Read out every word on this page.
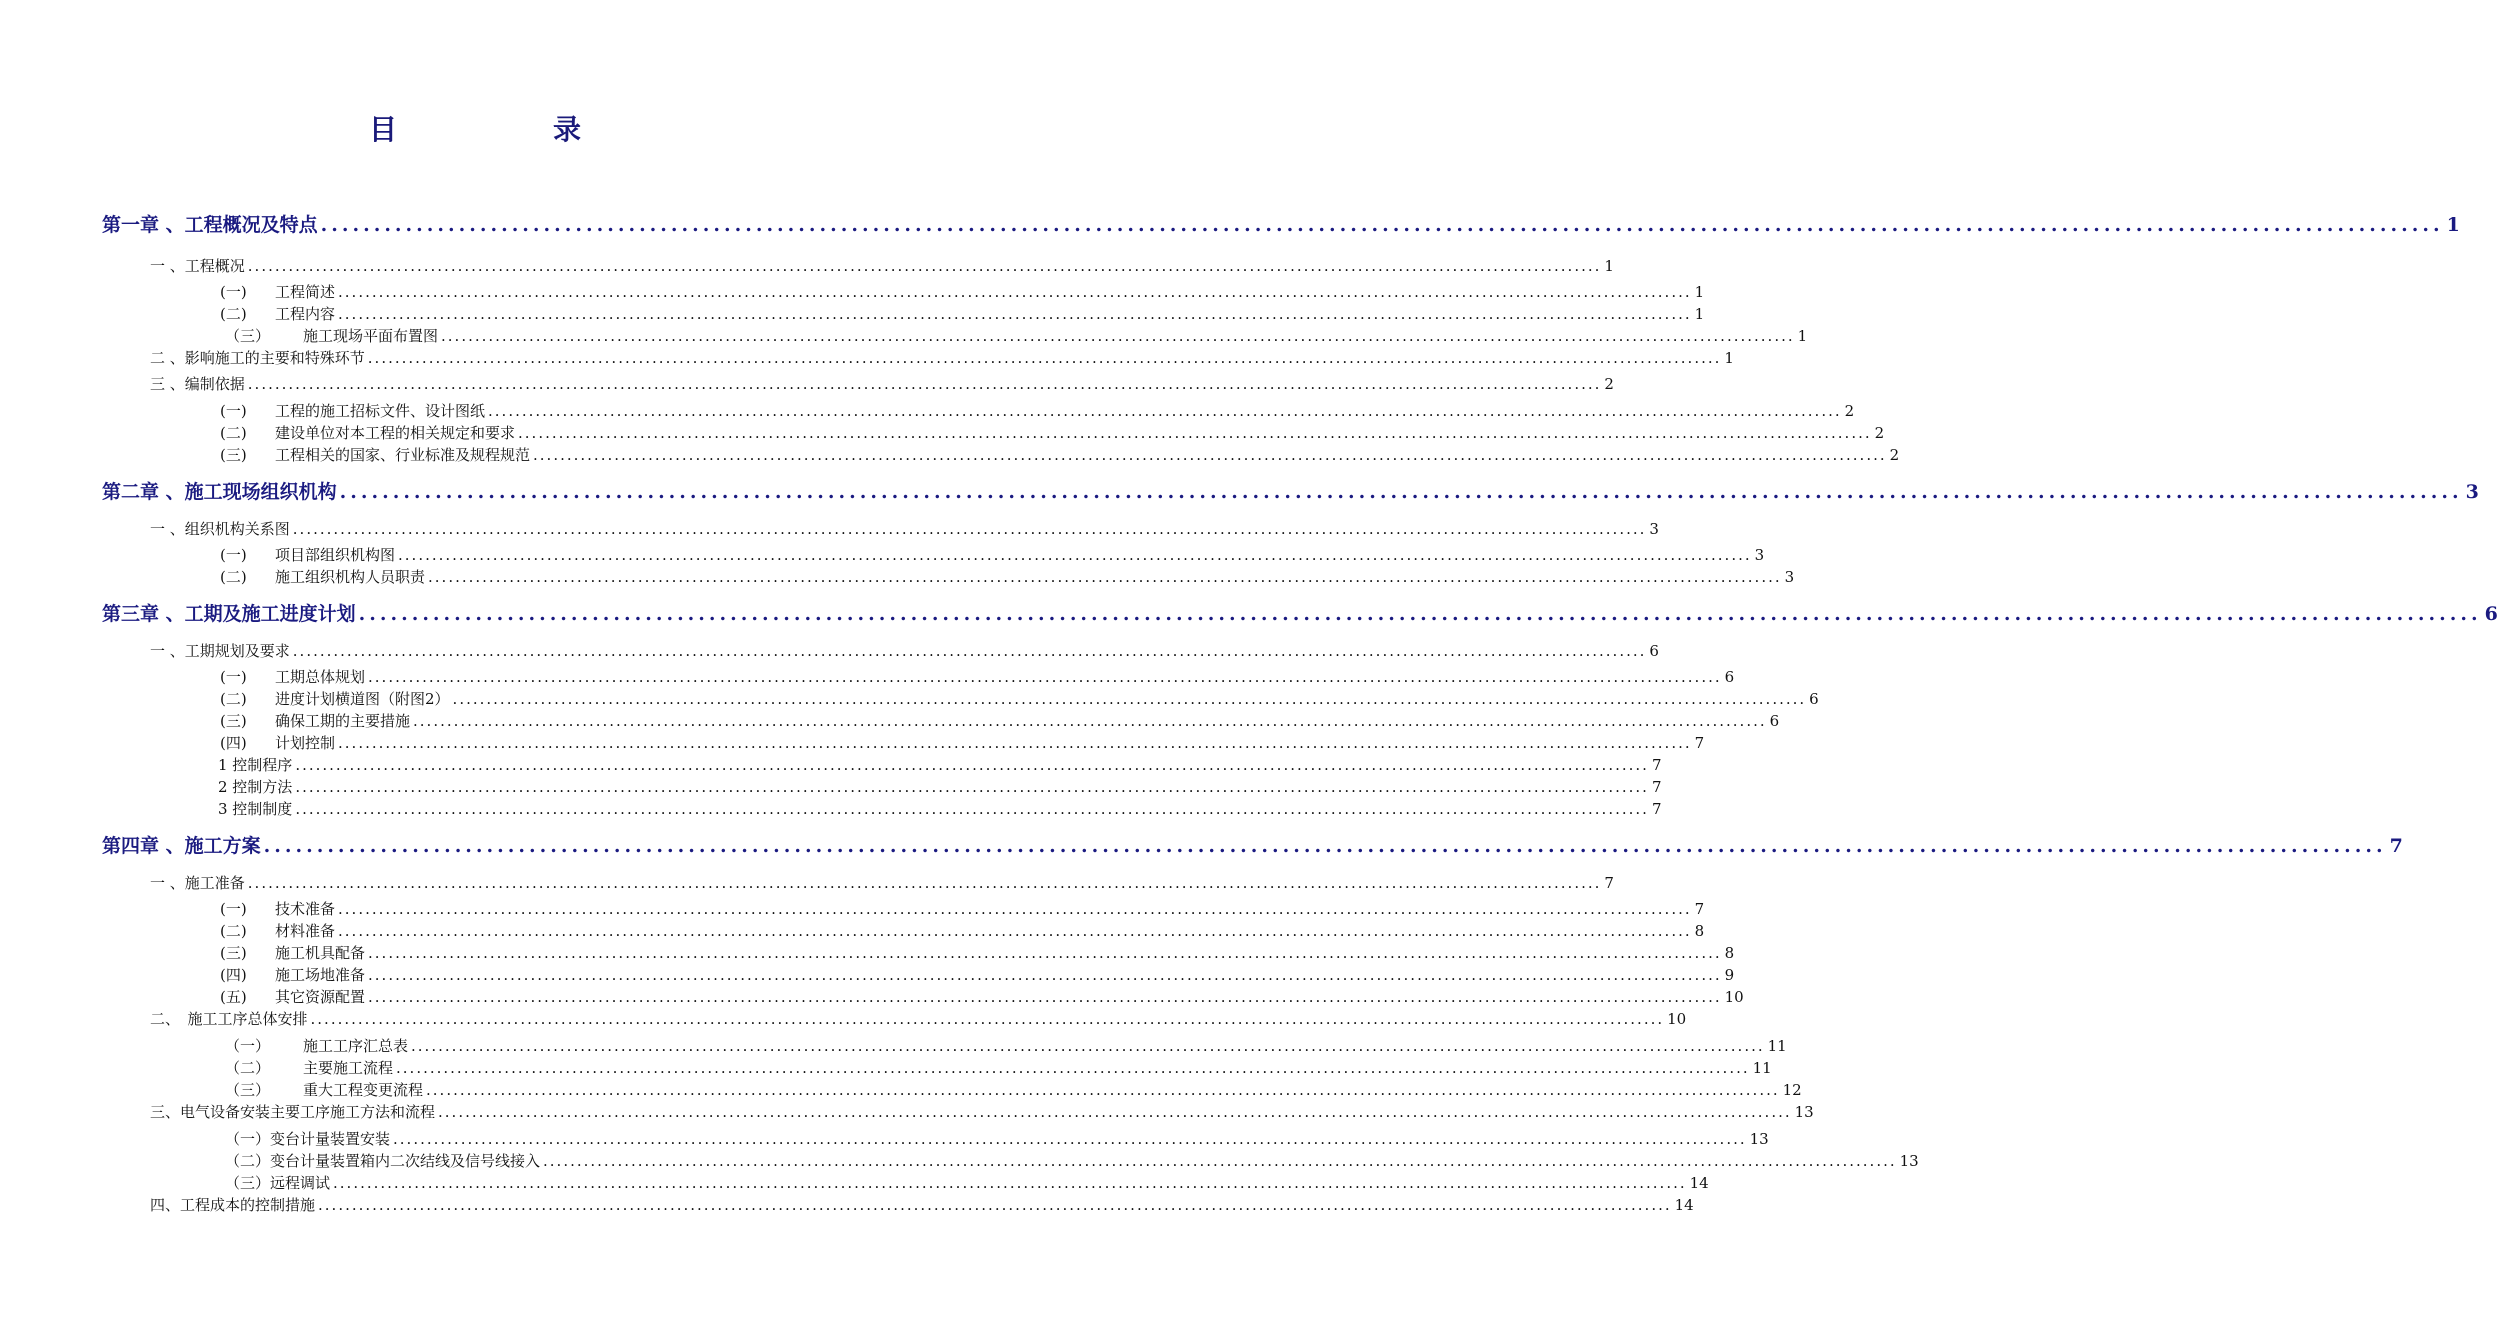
目　录
第一章 、工程概况及特点 ........................................................................................................................................................................................................ 1
一 、工程概况 ........................................................................................................................................................................................................ 1
(一) 工程简述 ........................................................................................................................................................................................................ 1
(二) 工程内容 ........................................................................................................................................................................................................ 1
（三） 施工现场平面布置图 ........................................................................................................................................................................................................ 1
二 、影响施工的主要和特殊环节 ........................................................................................................................................................................................................ 1
三 、编制依据 ........................................................................................................................................................................................................ 2
(一) 工程的施工招标文件、设计图纸 ........................................................................................................................................................................................................ 2
(二) 建设单位对本工程的相关规定和要求 ........................................................................................................................................................................................................ 2
(三) 工程相关的国家、行业标准及规程规范 ........................................................................................................................................................................................................ 2
第二章 、施工现场组织机构 ........................................................................................................................................................................................................ 3
一 、组织机构关系图 ........................................................................................................................................................................................................ 3
(一) 项目部组织机构图 ........................................................................................................................................................................................................ 3
(二) 施工组织机构人员职责 ........................................................................................................................................................................................................ 3
第三章 、工期及施工进度计划 ........................................................................................................................................................................................................ 6
一 、工期规划及要求 ........................................................................................................................................................................................................ 6
(一) 工期总体规划 ........................................................................................................................................................................................................ 6
(二) 进度计划横道图（附图2） ........................................................................................................................................................................................................ 6
(三) 确保工期的主要措施 ........................................................................................................................................................................................................ 6
(四) 计划控制 ........................................................................................................................................................................................................ 7
1 控制程序 ........................................................................................................................................................................................................ 7
2 控制方法 ........................................................................................................................................................................................................ 7
3 控制制度 ........................................................................................................................................................................................................ 7
第四章 、施工方案 ........................................................................................................................................................................................................ 7
一 、施工准备 ........................................................................................................................................................................................................ 7
(一) 技术准备 ........................................................................................................................................................................................................ 7
(二) 材料准备 ........................................................................................................................................................................................................ 8
(三) 施工机具配备 ........................................................................................................................................................................................................ 8
(四) 施工场地准备 ........................................................................................................................................................................................................ 9
(五) 其它资源配置 ........................................................................................................................................................................................................ 10
二、　施工工序总体安排 ........................................................................................................................................................................................................ 10
（一） 施工工序汇总表 ........................................................................................................................................................................................................ 11
（二） 主要施工流程 ........................................................................................................................................................................................................ 11
（三） 重大工程变更流程 ........................................................................................................................................................................................................ 12
三、电气设备安装主要工序施工方法和流程 ........................................................................................................................................................................................................ 13
（一）变台计量装置安装 ........................................................................................................................................................................................................ 13
（二）变台计量装置箱内二次结线及信号线接入 ........................................................................................................................................................................................................ 13
（三）远程调试 ........................................................................................................................................................................................................ 14
四、工程成本的控制措施 ........................................................................................................................................................................................................ 14
